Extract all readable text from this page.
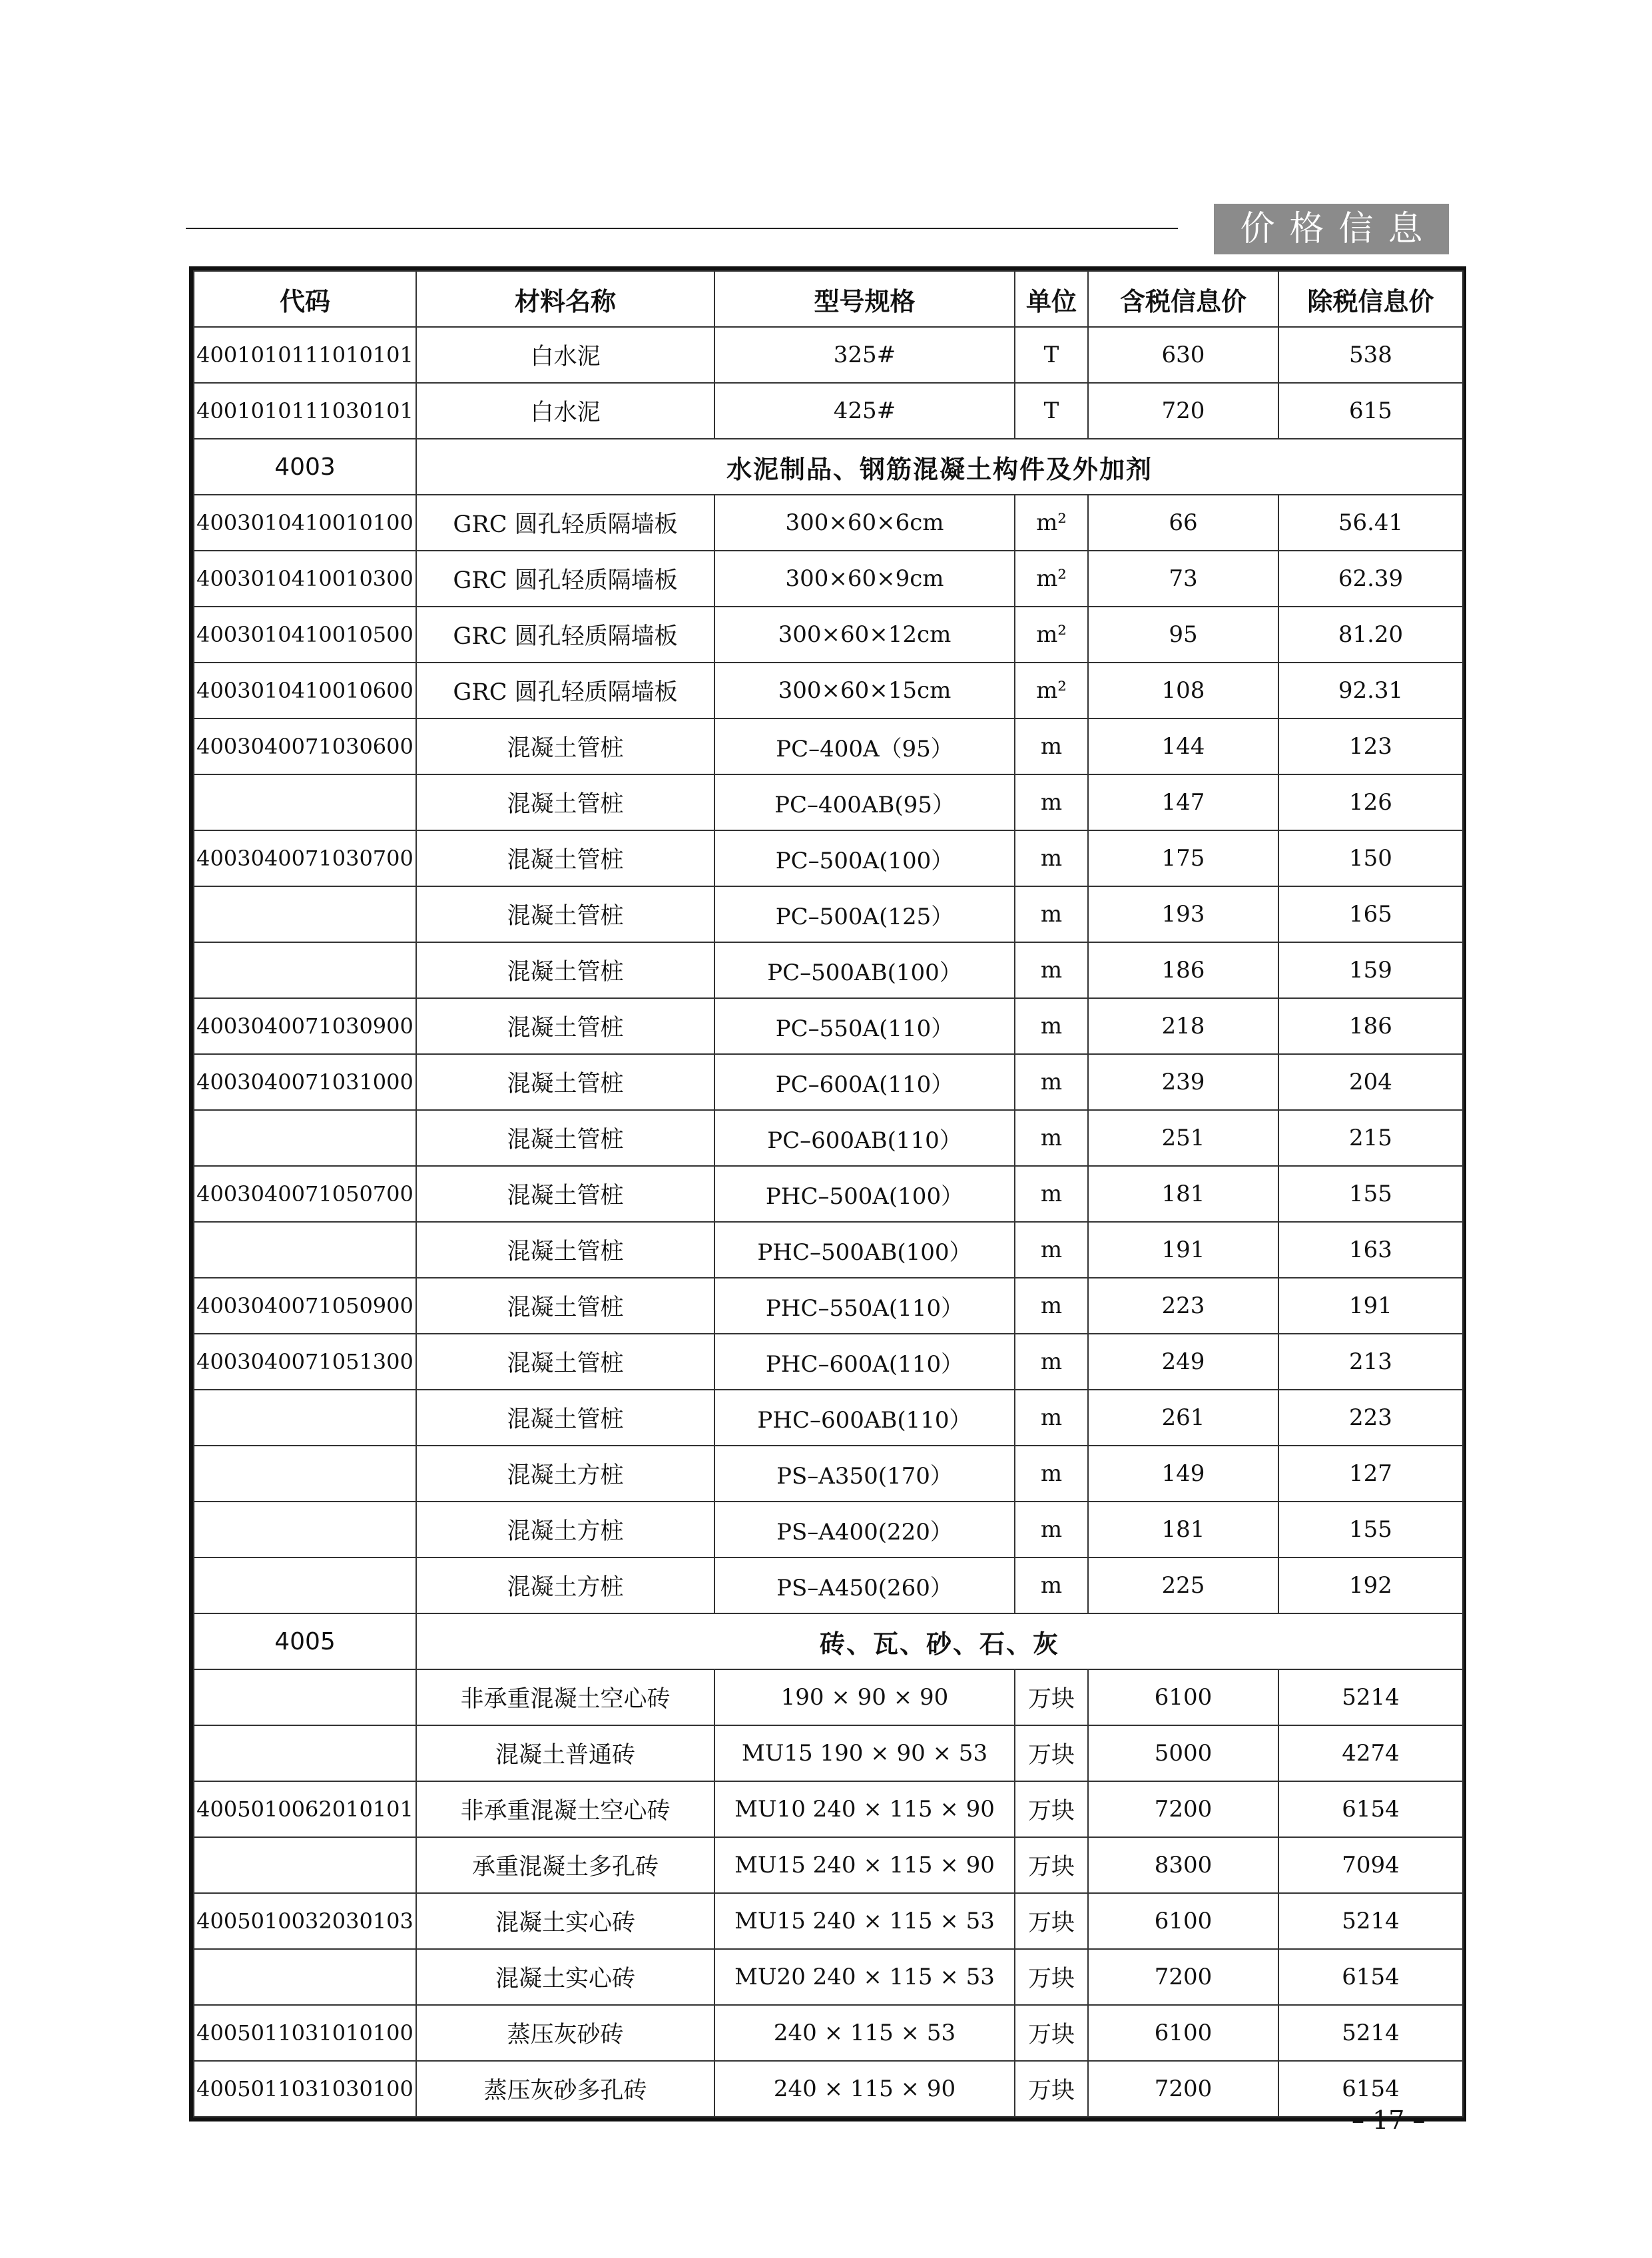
价格信息
代码	材料名称	型号规格	单位	含税信息价	除税信息价
4001010111010101	白水泥	325#	T	630	538
4001010111030101	白水泥	425#	T	720	615
4003	水泥制品、钢筋混凝土构件及外加剂				
4003010410010100	GRC 圆孔轻质隔墙板	300×60×6cm	m²	66	56.41
4003010410010300	GRC 圆孔轻质隔墙板	300×60×9cm	m²	73	62.39
4003010410010500	GRC 圆孔轻质隔墙板	300×60×12cm	m²	95	81.20
4003010410010600	GRC 圆孔轻质隔墙板	300×60×15cm	m²	108	92.31
4003040071030600	混凝土管桩	PC–400A（95）	m	144	123
	混凝土管桩	PC–400AB(95）	m	147	126
4003040071030700	混凝土管桩	PC–500A(100）	m	175	150
	混凝土管桩	PC–500A(125）	m	193	165
	混凝土管桩	PC–500AB(100）	m	186	159
4003040071030900	混凝土管桩	PC–550A(110）	m	218	186
4003040071031000	混凝土管桩	PC–600A(110）	m	239	204
	混凝土管桩	PC–600AB(110）	m	251	215
4003040071050700	混凝土管桩	PHC–500A(100）	m	181	155
	混凝土管桩	PHC–500AB(100）	m	191	163
4003040071050900	混凝土管桩	PHC–550A(110）	m	223	191
4003040071051300	混凝土管桩	PHC–600A(110）	m	249	213
	混凝土管桩	PHC–600AB(110）	m	261	223
	混凝土方桩	PS–A350(170）	m	149	127
	混凝土方桩	PS–A400(220）	m	181	155
	混凝土方桩	PS–A450(260）	m	225	192
4005	砖、瓦、砂、石、灰				
	非承重混凝土空心砖	190 × 90 × 90	万块	6100	5214
	混凝土普通砖	MU15 190 × 90 × 53	万块	5000	4274
4005010062010101	非承重混凝土空心砖	MU10 240 × 115 × 90	万块	7200	6154
	承重混凝土多孔砖	MU15 240 × 115 × 90	万块	8300	7094
4005010032030103	混凝土实心砖	MU15 240 × 115 × 53	万块	6100	5214
	混凝土实心砖	MU20 240 × 115 × 53	万块	7200	6154
4005011031010100	蒸压灰砂砖	240 × 115 × 53	万块	6100	5214
4005011031030100	蒸压灰砂多孔砖	240 × 115 × 90	万块	7200	6154
– 17 –
